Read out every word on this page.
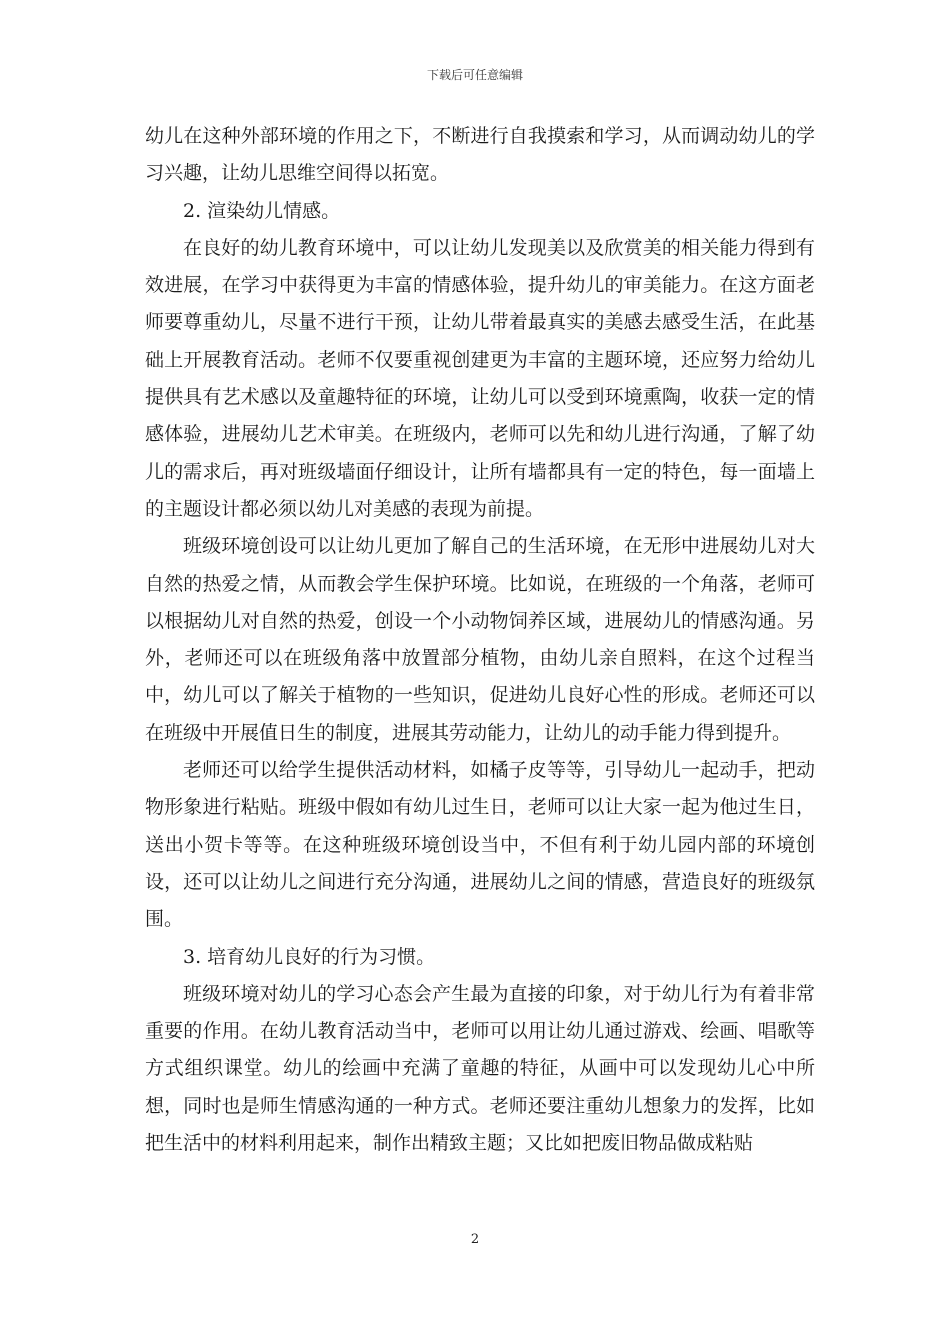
下载后可任意编辑

幼儿在这种外部环境的作用之下，不断进行自我摸索和学习，从而调动幼儿的学习兴趣，让幼儿思维空间得以拓宽。

2. 渲染幼儿情感。

在良好的幼儿教育环境中，可以让幼儿发现美以及欣赏美的相关能力得到有效进展，在学习中获得更为丰富的情感体验，提升幼儿的审美能力。在这方面老师要尊重幼儿，尽量不进行干预，让幼儿带着最真实的美感去感受生活，在此基础上开展教育活动。老师不仅要重视创建更为丰富的主题环境，还应努力给幼儿提供具有艺术感以及童趣特征的环境，让幼儿可以受到环境熏陶，收获一定的情感体验，进展幼儿艺术审美。在班级内，老师可以先和幼儿进行沟通，了解了幼儿的需求后，再对班级墙面仔细设计，让所有墙都具有一定的特色，每一面墙上的主题设计都必须以幼儿对美感的表现为前提。

班级环境创设可以让幼儿更加了解自己的生活环境，在无形中进展幼儿对大自然的热爱之情，从而教会学生保护环境。比如说，在班级的一个角落，老师可以根据幼儿对自然的热爱，创设一个小动物饲养区域，进展幼儿的情感沟通。另外，老师还可以在班级角落中放置部分植物，由幼儿亲自照料，在这个过程当中，幼儿可以了解关于植物的一些知识，促进幼儿良好心性的形成。老师还可以在班级中开展值日生的制度，进展其劳动能力，让幼儿的动手能力得到提升。

老师还可以给学生提供活动材料，如橘子皮等等，引导幼儿一起动手，把动物形象进行粘贴。班级中假如有幼儿过生日，老师可以让大家一起为他过生日，送出小贺卡等等。在这种班级环境创设当中，不但有利于幼儿园内部的环境创设，还可以让幼儿之间进行充分沟通，进展幼儿之间的情感，营造良好的班级氛围。

3. 培育幼儿良好的行为习惯。

班级环境对幼儿的学习心态会产生最为直接的印象，对于幼儿行为有着非常重要的作用。在幼儿教育活动当中，老师可以用让幼儿通过游戏、绘画、唱歌等方式组织课堂。幼儿的绘画中充满了童趣的特征，从画中可以发现幼儿心中所想，同时也是师生情感沟通的一种方式。老师还要注重幼儿想象力的发挥，比如把生活中的材料利用起来，制作出精致主题；又比如把废旧物品做成粘贴

2
